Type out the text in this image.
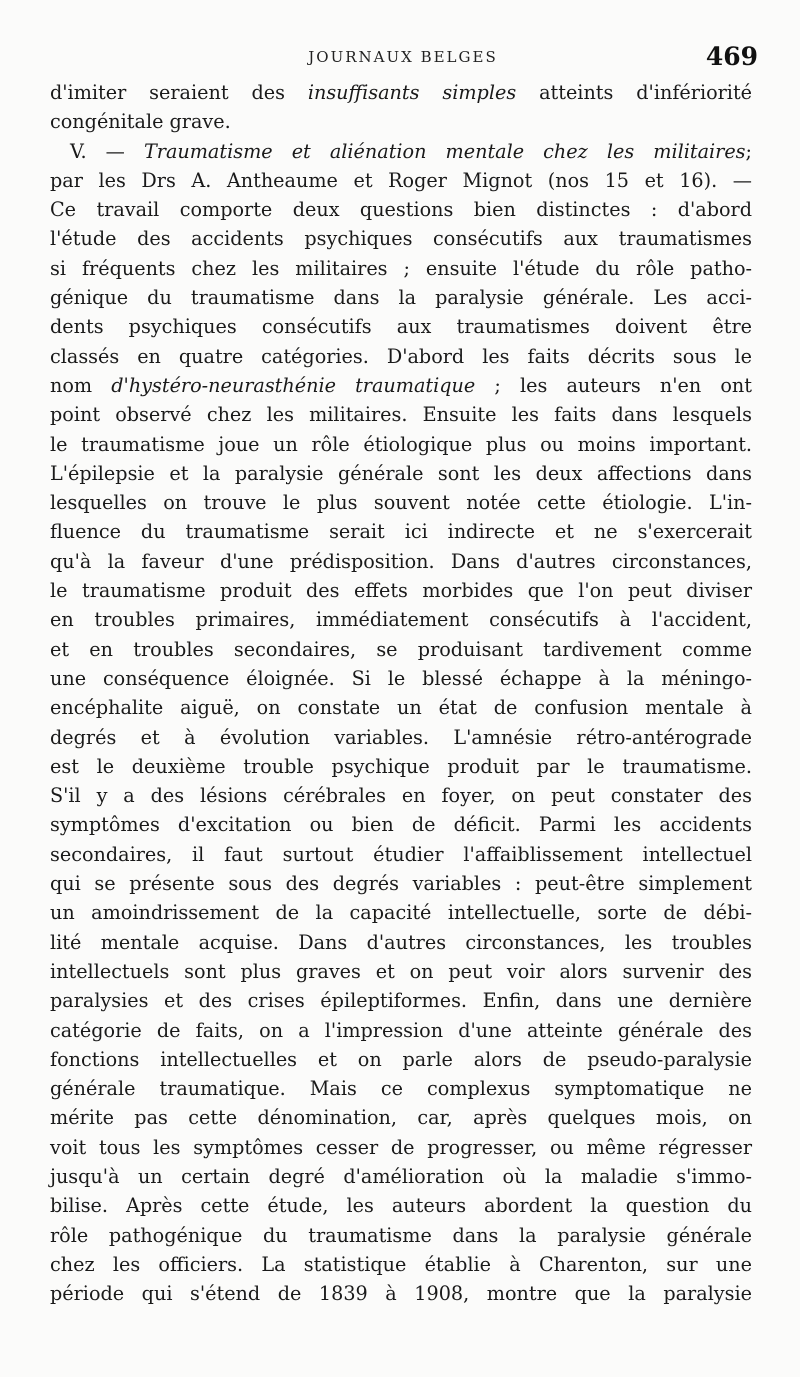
JOURNAUX BELGES	469
d'imiter seraient des insuffisants simples atteints d'infériorité
congénitale grave.
V. — Traumatisme et aliénation mentale chez les militaires;
par les Drs A. Antheaume et Roger Mignot (nos 15 et 16). —
Ce travail comporte deux questions bien distinctes : d'abord
l'étude des accidents psychiques consécutifs aux traumatismes
si fréquents chez les militaires ; ensuite l'étude du rôle patho-
génique du traumatisme dans la paralysie générale. Les acci-
dents psychiques consécutifs aux traumatismes doivent être
classés en quatre catégories. D'abord les faits décrits sous le
nom d'hystéro-neurasthénie traumatique ; les auteurs n'en ont
point observé chez les militaires. Ensuite les faits dans lesquels
le traumatisme joue un rôle étiologique plus ou moins important.
L'épilepsie et la paralysie générale sont les deux affections dans
lesquelles on trouve le plus souvent notée cette étiologie. L'in-
fluence du traumatisme serait ici indirecte et ne s'exercerait
qu'à la faveur d'une prédisposition. Dans d'autres circonstances,
le traumatisme produit des effets morbides que l'on peut diviser
en troubles primaires, immédiatement consécutifs à l'accident,
et en troubles secondaires, se produisant tardivement comme
une conséquence éloignée. Si le blessé échappe à la méningo-
encéphalite aiguë, on constate un état de confusion mentale à
degrés et à évolution variables. L'amnésie rétro-antérograde
est le deuxième trouble psychique produit par le traumatisme.
S'il y a des lésions cérébrales en foyer, on peut constater des
symptômes d'excitation ou bien de déficit. Parmi les accidents
secondaires, il faut surtout étudier l'affaiblissement intellectuel
qui se présente sous des degrés variables : peut-être simplement
un amoindrissement de la capacité intellectuelle, sorte de débi-
lité mentale acquise. Dans d'autres circonstances, les troubles
intellectuels sont plus graves et on peut voir alors survenir des
paralysies et des crises épileptiformes. Enfin, dans une dernière
catégorie de faits, on a l'impression d'une atteinte générale des
fonctions intellectuelles et on parle alors de pseudo-paralysie
générale traumatique. Mais ce complexus symptomatique ne
mérite pas cette dénomination, car, après quelques mois, on
voit tous les symptômes cesser de progresser, ou même régresser
jusqu'à un certain degré d'amélioration où la maladie s'immo-
bilise. Après cette étude, les auteurs abordent la question du
rôle pathogénique du traumatisme dans la paralysie générale
chez les officiers. La statistique établie à Charenton, sur une
période qui s'étend de 1839 à 1908, montre que la paralysie
